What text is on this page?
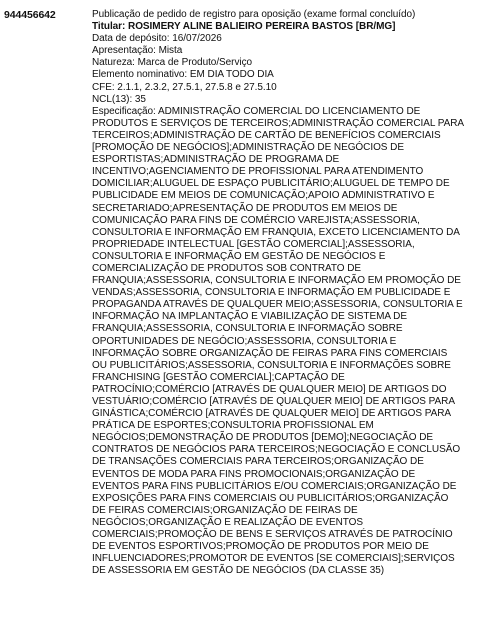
944456642	Publicação de pedido de registro para oposição (exame formal concluído)
Titular: ROSIMERY ALINE BALIEIRO PEREIRA BASTOS [BR/MG]
Data de depósito: 16/07/2026
Apresentação: Mista
Natureza: Marca de Produto/Serviço
Elemento nominativo: EM DIA TODO DIA
CFE: 2.1.1, 2.3.2, 27.5.1, 27.5.8 e 27.5.10
NCL(13): 35
Especificação: ADMINISTRAÇÃO COMERCIAL DO LICENCIAMENTO DE PRODUTOS E SERVIÇOS DE TERCEIROS;ADMINISTRAÇÃO COMERCIAL PARA TERCEIROS;ADMINISTRAÇÃO DE CARTÃO DE BENEFÍCIOS COMERCIAIS [PROMOÇÃO DE NEGÓCIOS];ADMINISTRAÇÃO DE NEGÓCIOS DE ESPORTISTAS;ADMINISTRAÇÃO DE PROGRAMA DE INCENTIVO;AGENCIAMENTO DE PROFISSIONAL PARA ATENDIMENTO DOMICILIAR;ALUGUEL DE ESPAÇO PUBLICITÁRIO;ALUGUEL DE TEMPO DE PUBLICIDADE EM MEIOS DE COMUNICAÇÃO;APOIO ADMINISTRATIVO E SECRETARIADO;APRESENTAÇÃO DE PRODUTOS EM MEIOS DE COMUNICAÇÃO PARA FINS DE COMÉRCIO VAREJISTA;ASSESSORIA, CONSULTORIA E INFORMAÇÃO EM FRANQUIA, EXCETO LICENCIAMENTO DA PROPRIEDADE INTELECTUAL [GESTÃO COMERCIAL];ASSESSORIA, CONSULTORIA E INFORMAÇÃO EM GESTÃO DE NEGÓCIOS E COMERCIALIZAÇÃO DE PRODUTOS SOB CONTRATO DE FRANQUIA;ASSESSORIA, CONSULTORIA E INFORMAÇÃO EM PROMOÇÃO DE VENDAS;ASSESSORIA, CONSULTORIA E INFORMAÇÃO EM PUBLICIDADE E PROPAGANDA ATRAVÉS DE QUALQUER MEIO;ASSESSORIA, CONSULTORIA E INFORMAÇÃO NA IMPLANTAÇÃO E VIABILIZAÇÃO DE SISTEMA DE FRANQUIA;ASSESSORIA, CONSULTORIA E INFORMAÇÃO SOBRE OPORTUNIDADES DE NEGÓCIO;ASSESSORIA, CONSULTORIA E INFORMAÇÃO SOBRE ORGANIZAÇÃO DE FEIRAS PARA FINS COMERCIAIS OU PUBLICITÁRIOS;ASSESSORIA, CONSULTORIA E INFORMAÇÕES SOBRE FRANCHISING [GESTÃO COMERCIAL];CAPTAÇÃO DE PATROCÍNIO;COMÉRCIO [ATRAVÉS DE QUALQUER MEIO] DE ARTIGOS DO VESTUÁRIO;COMÉRCIO [ATRAVÉS DE QUALQUER MEIO] DE ARTIGOS PARA GINÁSTICA;COMÉRCIO [ATRAVÉS DE QUALQUER MEIO] DE ARTIGOS PARA PRÁTICA DE ESPORTES;CONSULTORIA PROFISSIONAL EM NEGÓCIOS;DEMONSTRAÇÃO DE PRODUTOS [DEMO];NEGOCIAÇÃO DE CONTRATOS DE NEGÓCIOS PARA TERCEIROS;NEGOCIAÇÃO E CONCLUSÃO DE TRANSAÇÕES COMERCIAIS PARA TERCEIROS;ORGANIZAÇÃO DE EVENTOS DE MODA PARA FINS PROMOCIONAIS;ORGANIZAÇÃO DE EVENTOS PARA FINS PUBLICITÁRIOS E/OU COMERCIAIS;ORGANIZAÇÃO DE EXPOSIÇÕES PARA FINS COMERCIAIS OU PUBLICITÁRIOS;ORGANIZAÇÃO DE FEIRAS COMERCIAIS;ORGANIZAÇÃO DE FEIRAS DE NEGÓCIOS;ORGANIZAÇÃO E REALIZAÇÃO DE EVENTOS COMERCIAIS;PROMOÇÃO DE BENS E SERVIÇOS ATRAVÉS DE PATROCÍNIO DE EVENTOS ESPORTIVOS;PROMOÇÃO DE PRODUTOS POR MEIO DE INFLUENCIADORES;PROMOTOR DE EVENTOS [SE COMERCIAIS];SERVIÇOS DE ASSESSORIA EM GESTÃO DE NEGÓCIOS (DA CLASSE 35)
